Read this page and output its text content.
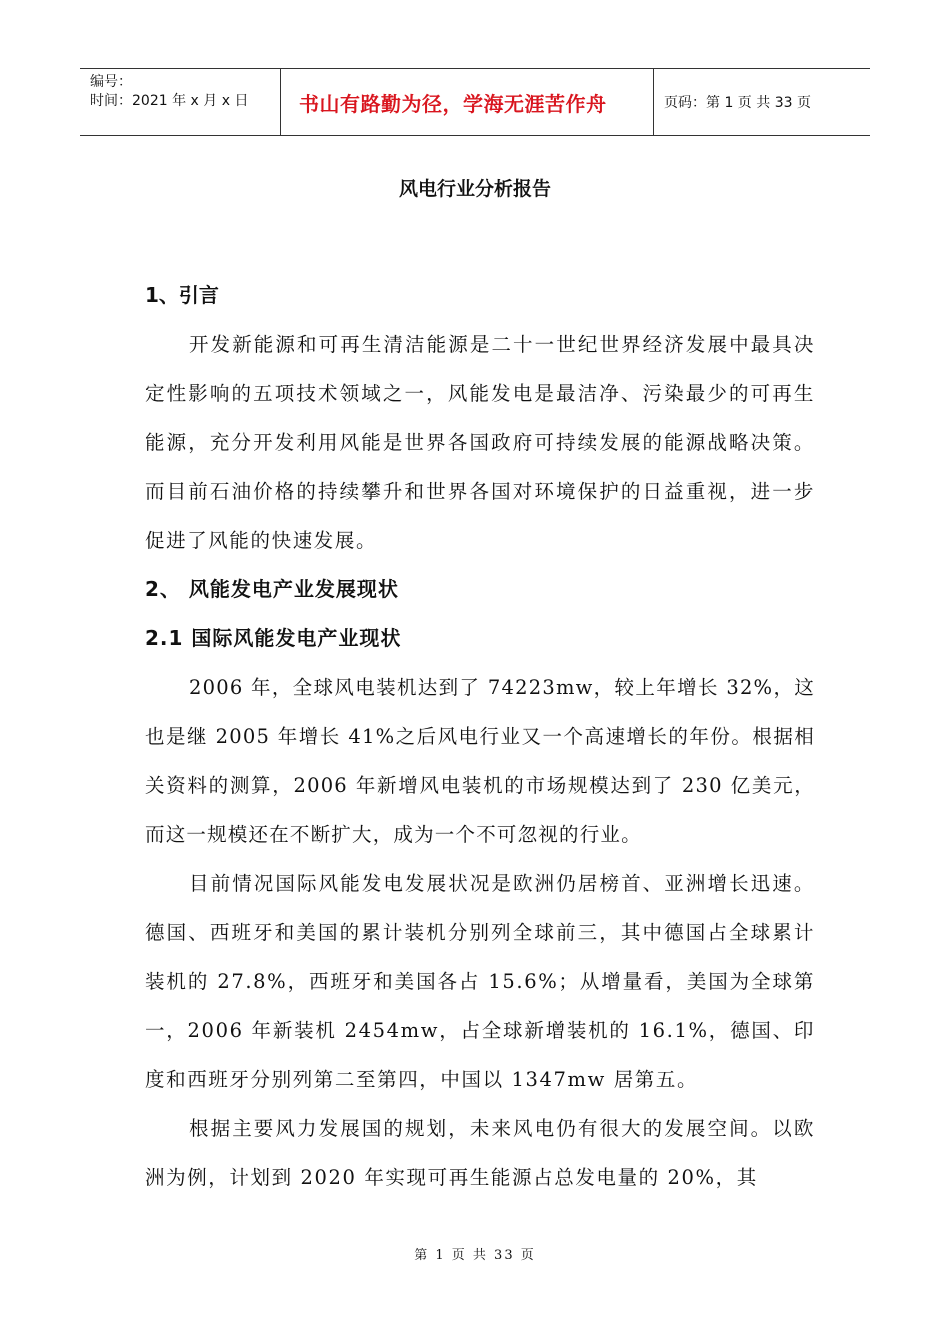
编号：
时间：2021 年 x 月 x 日	书山有路勤为径，学海无涯苦作舟	页码：第 1 页 共 33 页
风电行业分析报告
1、引言

开发新能源和可再生清洁能源是二十一世纪世界经济发展中最具决定性影响的五项技术领域之一，风能发电是最洁净、污染最少的可再生能源，充分开发利用风能是世界各国政府可持续发展的能源战略决策。而目前石油价格的持续攀升和世界各国对环境保护的日益重视，进一步促进了风能的快速发展。

2、 风能发电产业发展现状
2.1 国际风能发电产业现状

2006 年，全球风电装机达到了 74223mw，较上年增长 32%，这也是继 2005 年增长 41%之后风电行业又一个高速增长的年份。根据相关资料的测算，2006 年新增风电装机的市场规模达到了 230 亿美元，而这一规模还在不断扩大，成为一个不可忽视的行业。

目前情况国际风能发电发展状况是欧洲仍居榜首、亚洲增长迅速。德国、西班牙和美国的累计装机分别列全球前三，其中德国占全球累计装机的 27.8%，西班牙和美国各占 15.6%；从增量看，美国为全球第一，2006 年新装机 2454mw，占全球新增装机的 16.1%，德国、印度和西班牙分别列第二至第四，中国以 1347mw 居第五。

根据主要风力发展国的规划，未来风电仍有很大的发展空间。以欧洲为例，计划到 2020 年实现可再生能源占总发电量的 20%，其

第 1 页 共 33 页
